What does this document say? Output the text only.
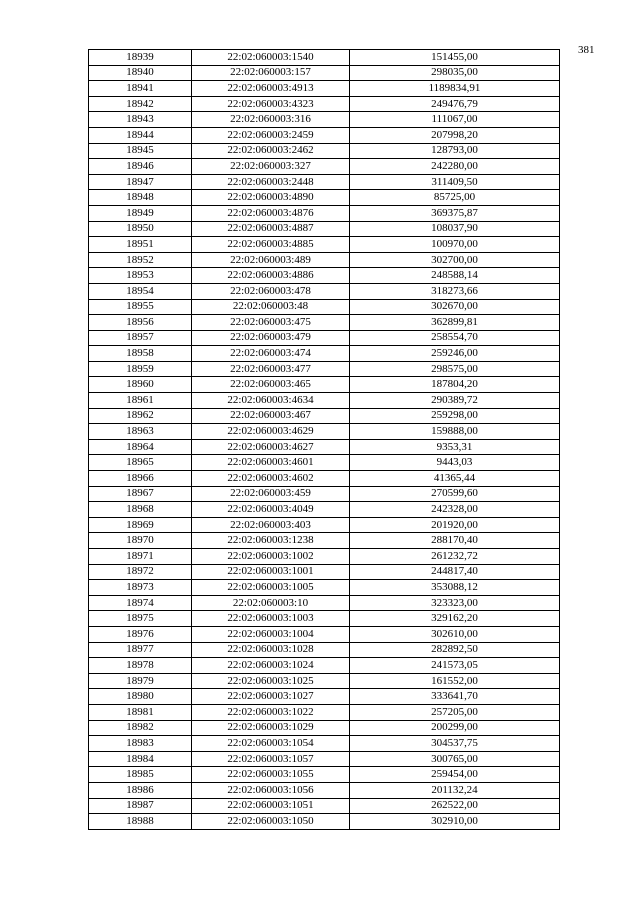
381
18939	22:02:060003:1540	151455,00
18940	22:02:060003:157	298035,00
18941	22:02:060003:4913	1189834,91
18942	22:02:060003:4323	249476,79
18943	22:02:060003:316	111067,00
18944	22:02:060003:2459	207998,20
18945	22:02:060003:2462	128793,00
18946	22:02:060003:327	242280,00
18947	22:02:060003:2448	311409,50
18948	22:02:060003:4890	85725,00
18949	22:02:060003:4876	369375,87
18950	22:02:060003:4887	108037,90
18951	22:02:060003:4885	100970,00
18952	22:02:060003:489	302700,00
18953	22:02:060003:4886	248588,14
18954	22:02:060003:478	318273,66
18955	22:02:060003:48	302670,00
18956	22:02:060003:475	362899,81
18957	22:02:060003:479	258554,70
18958	22:02:060003:474	259246,00
18959	22:02:060003:477	298575,00
18960	22:02:060003:465	187804,20
18961	22:02:060003:4634	290389,72
18962	22:02:060003:467	259298,00
18963	22:02:060003:4629	159888,00
18964	22:02:060003:4627	9353,31
18965	22:02:060003:4601	9443,03
18966	22:02:060003:4602	41365,44
18967	22:02:060003:459	270599,60
18968	22:02:060003:4049	242328,00
18969	22:02:060003:403	201920,00
18970	22:02:060003:1238	288170,40
18971	22:02:060003:1002	261232,72
18972	22:02:060003:1001	244817,40
18973	22:02:060003:1005	353088,12
18974	22:02:060003:10	323323,00
18975	22:02:060003:1003	329162,20
18976	22:02:060003:1004	302610,00
18977	22:02:060003:1028	282892,50
18978	22:02:060003:1024	241573,05
18979	22:02:060003:1025	161552,00
18980	22:02:060003:1027	333641,70
18981	22:02:060003:1022	257205,00
18982	22:02:060003:1029	200299,00
18983	22:02:060003:1054	304537,75
18984	22:02:060003:1057	300765,00
18985	22:02:060003:1055	259454,00
18986	22:02:060003:1056	201132,24
18987	22:02:060003:1051	262522,00
18988	22:02:060003:1050	302910,00
